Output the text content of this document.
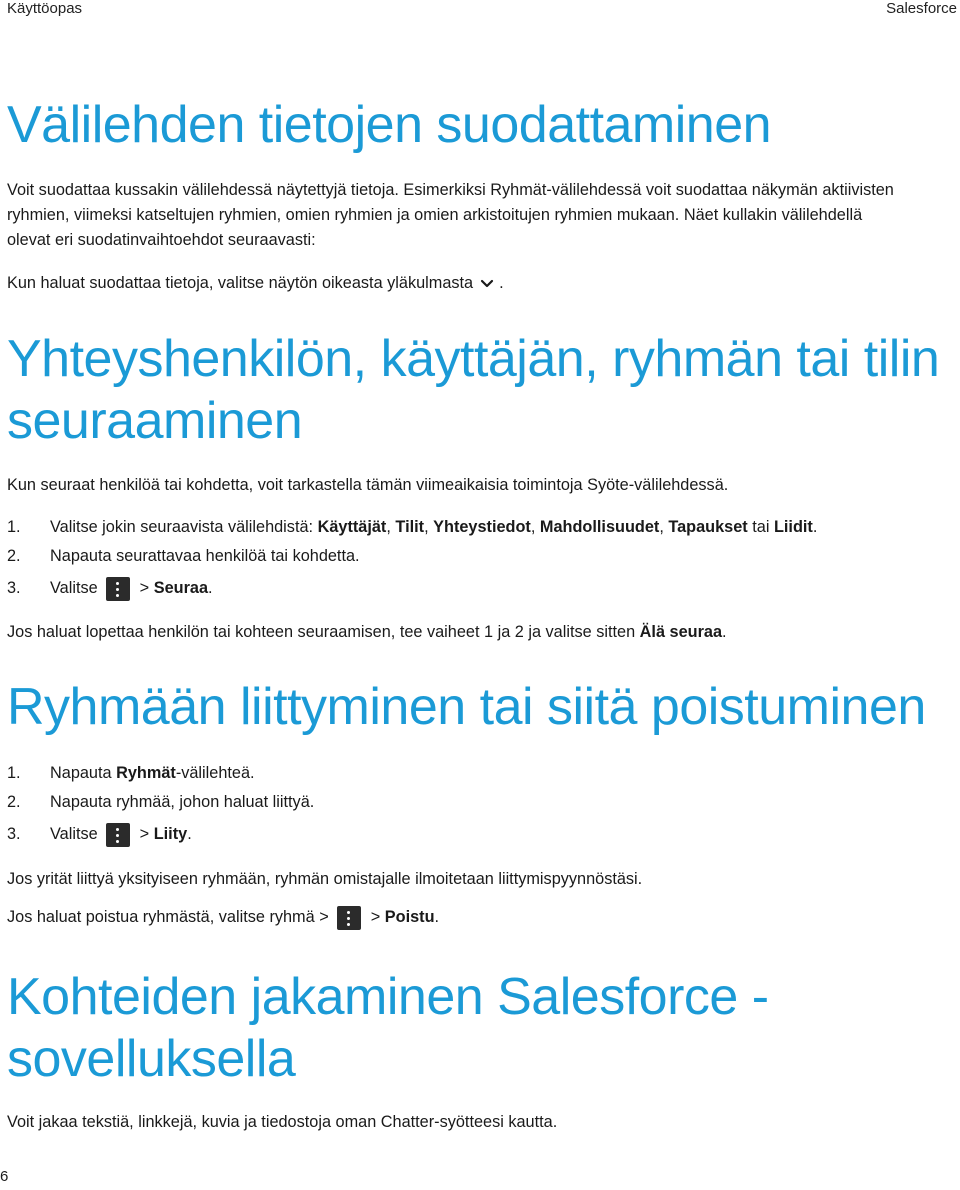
Käyttöopas	Salesforce
Välilehden tietojen suodattaminen

Voit suodattaa kussakin välilehdessä näytettyjä tietoja. Esimerkiksi Ryhmät-välilehdessä voit suodattaa näkymän aktiivisten
ryhmien, viimeksi katseltujen ryhmien, omien ryhmien ja omien arkistoitujen ryhmien mukaan. Näet kullakin välilehdellä
olevat eri suodatinvaihtoehdot seuraavasti:

Kun haluat suodattaa tietoja, valitse näytön oikeasta yläkulmasta .

Yhteyshenkilön, käyttäjän, ryhmän tai tilin
seuraaminen

Kun seuraat henkilöä tai kohdetta, voit tarkastella tämän viimeaikaisia toimintoja Syöte-välilehdessä.

1. Valitse jokin seuraavista välilehdistä: Käyttäjät, Tilit, Yhteystiedot, Mahdollisuudet, Tapaukset tai Liidit.
2. Napauta seurattavaa henkilöä tai kohdetta.
3. Valitse	> Seuraa.

Jos haluat lopettaa henkilön tai kohteen seuraamisen, tee vaiheet 1 ja 2 ja valitse sitten Älä seuraa.

Ryhmään liittyminen tai siitä poistuminen
1. Napauta Ryhmät-välilehteä.
2. Napauta ryhmää, johon haluat liittyä.
3. Valitse	> Liity.

Jos yrität liittyä yksityiseen ryhmään, ryhmän omistajalle ilmoitetaan liittymispyynnöstäsi.

Jos haluat poistua ryhmästä, valitse ryhmä >	> Poistu.

Kohteiden jakaminen Salesforce -
sovelluksella

Voit jakaa tekstiä, linkkejä, kuvia ja tiedostoja oman Chatter-syötteesi kautta.

6
